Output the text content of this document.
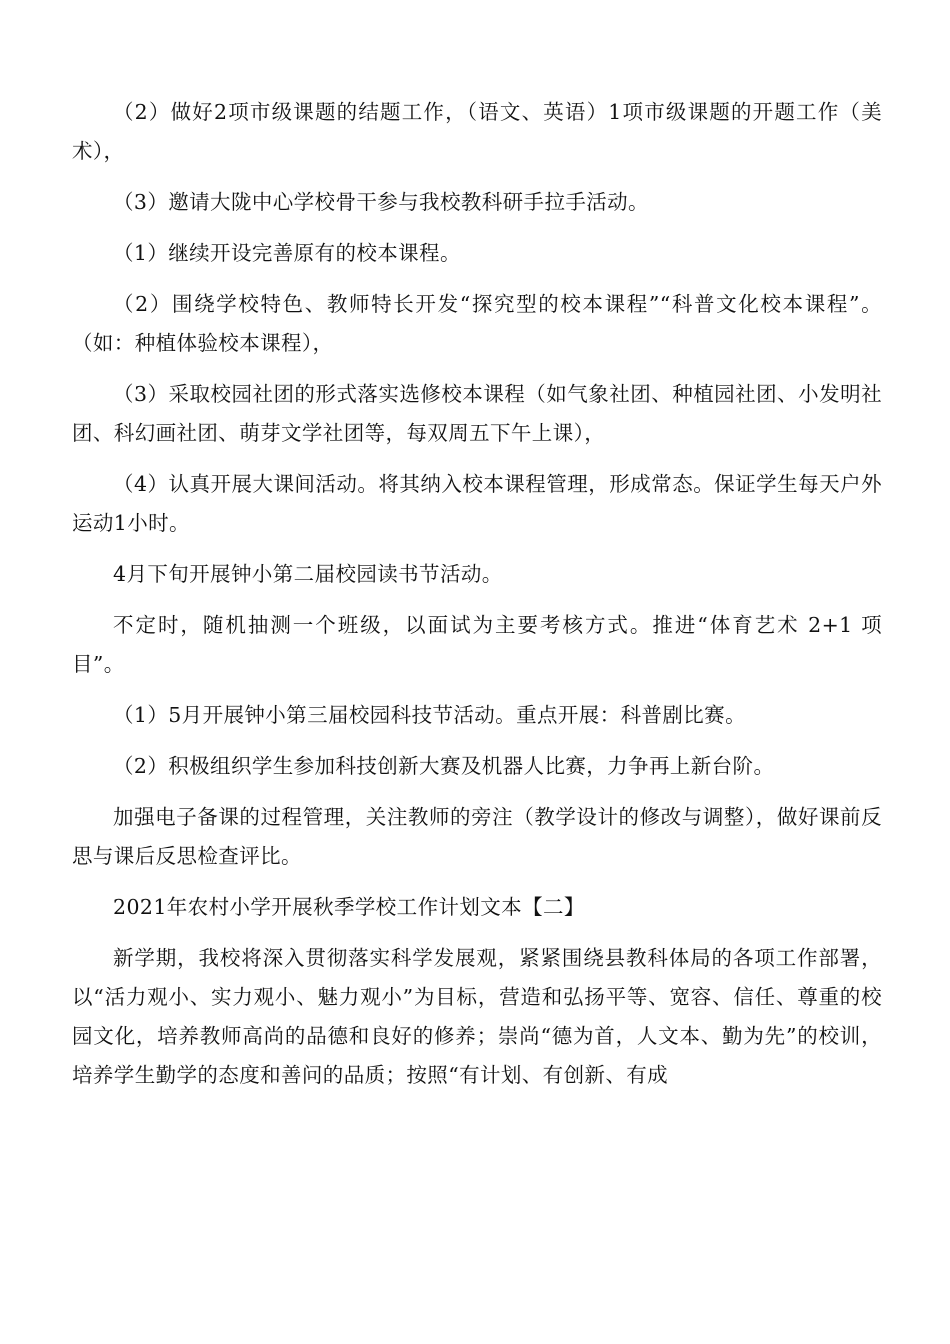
（2）做好2项市级课题的结题工作，（语文、英语）1项市级课题的开题工作（美术），

（3）邀请大陇中心学校骨干参与我校教科研手拉手活动。

（1）继续开设完善原有的校本课程。

（2）围绕学校特色、教师特长开发“探究型的校本课程”“科普文化校本课程”。（如：种植体验校本课程），

（3）采取校园社团的形式落实选修校本课程（如气象社团、种植园社团、小发明社团、科幻画社团、萌芽文学社团等，每双周五下午上课），

（4）认真开展大课间活动。将其纳入校本课程管理，形成常态。保证学生每天户外运动1小时。

4月下旬开展钟小第二届校园读书节活动。

不定时，随机抽测一个班级，以面试为主要考核方式。推进“体育艺术 2+1 项目”。

（1）5月开展钟小第三届校园科技节活动。重点开展：科普剧比赛。

（2）积极组织学生参加科技创新大赛及机器人比赛，力争再上新台阶。

加强电子备课的过程管理，关注教师的旁注（教学设计的修改与调整），做好课前反思与课后反思检查评比。

2021年农村小学开展秋季学校工作计划文本【二】

新学期，我校将深入贯彻落实科学发展观，紧紧围绕县教科体局的各项工作部署，以“活力观小、实力观小、魅力观小”为目标，营造和弘扬平等、宽容、信任、尊重的校园文化，培养教师高尚的品德和良好的修养；崇尚“德为首，人文本、勤为先”的校训，培养学生勤学的态度和善问的品质；按照“有计划、有创新、有成
